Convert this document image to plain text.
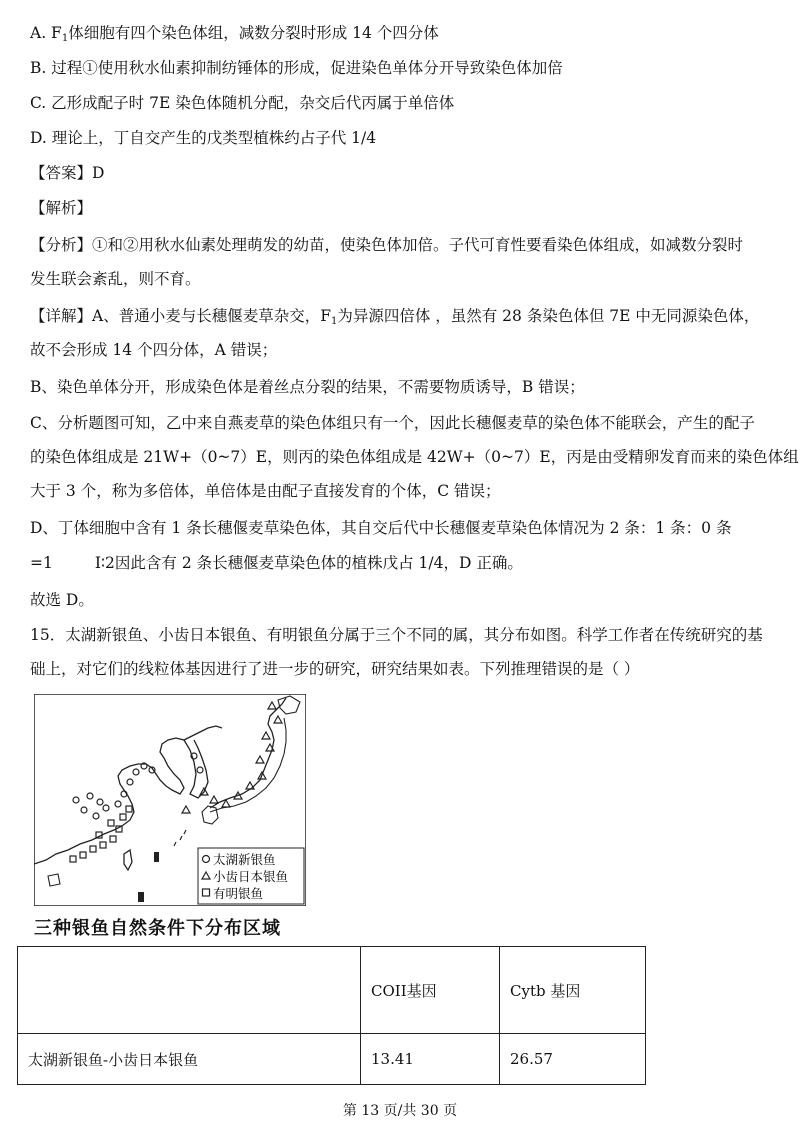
A. $F_1$体细胞有四个染色体组，减数分裂时形成 14 个四分体
B. 过程①使用秋水仙素抑制纺锤体的形成，促进染色单体分开导致染色体加倍
C. 乙形成配子时 7E 染色体随机分配，杂交后代丙属于单倍体
D. 理论上，丁自交产生的戊类型植株约占子代 1/4
【答案】D
【解析】
【分析】①和②用秋水仙素处理萌发的幼苗，使染色体加倍。子代可育性要看染色体组成，如减数分裂时
发生联会紊乱，则不育。
【详解】A、普通小麦与长穗偃麦草杂交，$F_1$为异源四倍体 ，虽然有 28 条染色体但 7E 中无同源染色体，
故不会形成 14 个四分体，A 错误；
B、染色单体分开，形成染色体是着丝点分裂的结果，不需要物质诱导，B 错误；
C、分析题图可知，乙中来自燕麦草的染色体组只有一个，因此长穗偃麦草的染色体不能联会，产生的配子
的染色体组成是 21W+（0~7）E，则丙的染色体组成是 42W+（0~7）E，丙是由受精卵发育而来的染色体组
大于 3 个，称为多倍体，单倍体是由配子直接发育的个体，C 错误；
D、丁体细胞中含有 1 条长穗偃麦草染色体，其自交后代中长穗偃麦草染色体情况为 2 条：1 条：0 条
=1	I∶2因此含有 2 条长穗偃麦草染色体的植株戊占 1/4，D 正确。
故选 D。
15．太湖新银鱼、小齿日本银鱼、有明银鱼分属于三个不同的属，其分布如图。科学工作者在传统研究的基
础上，对它们的线粒体基因进行了进一步的研究，研究结果如表。下列推理错误的是（ ）
太湖新银鱼
小齿日本银鱼
有明银鱼
三种银鱼自然条件下分布区域
	COII基因	Cytb 基因
太湖新银鱼-小齿日本银鱼	13.41	26.57
第 13 页/共 30 页
